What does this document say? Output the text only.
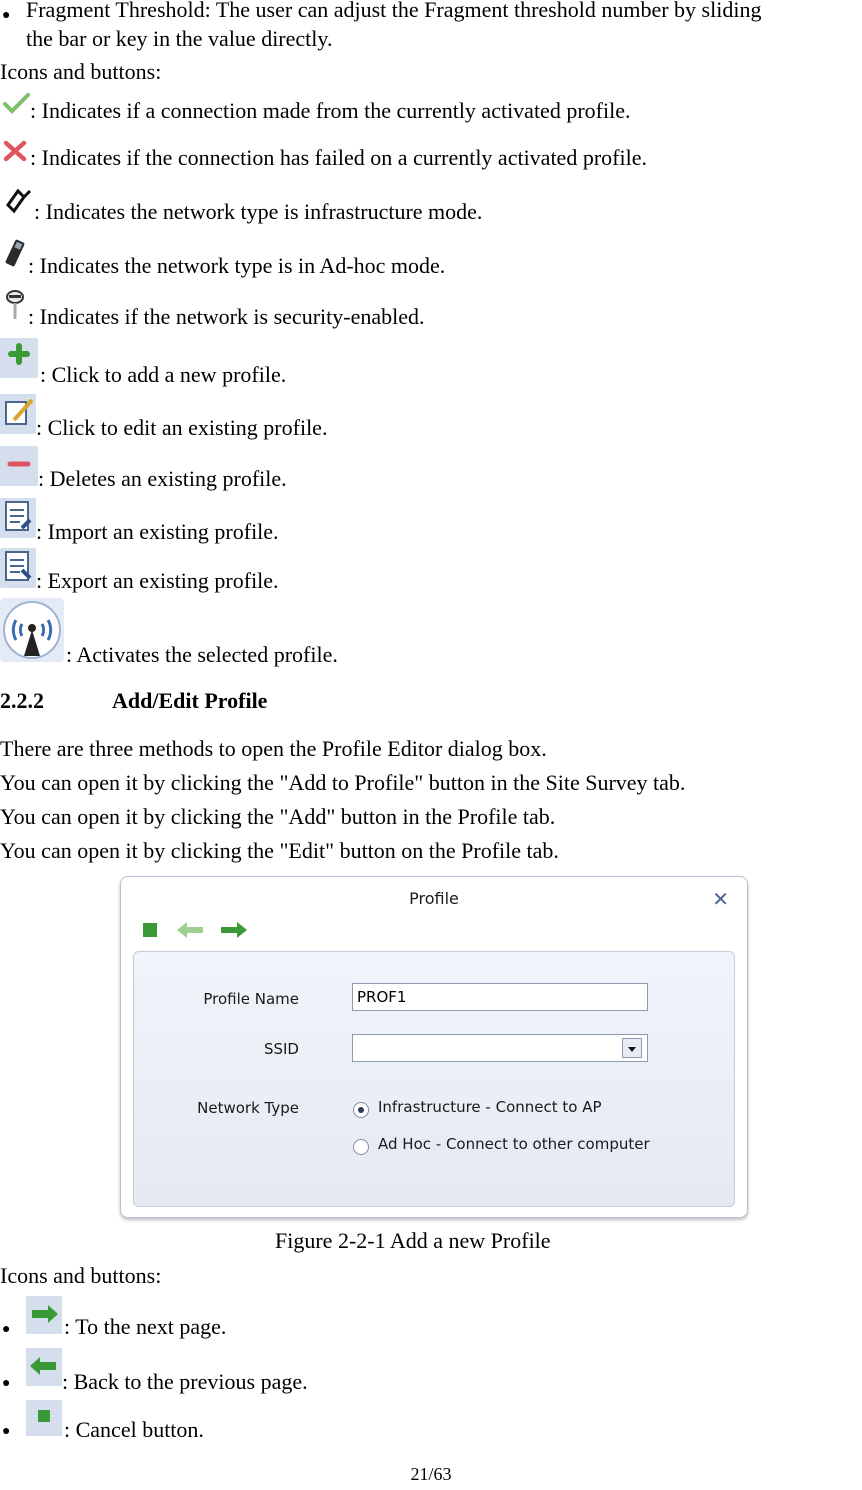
● Fragment Threshold: The user can adjust the Fragment threshold number by sliding
the bar or key in the value directly.
Icons and buttons:
: Indicates if a connection made from the currently activated profile.
: Indicates if the connection has failed on a currently activated profile.
: Indicates the network type is infrastructure mode.
: Indicates the network type is in Ad-hoc mode.
: Indicates if the network is security-enabled.
: Click to add a new profile.
: Click to edit an existing profile.
: Deletes an existing profile.
: Import an existing profile.
: Export an existing profile.
: Activates the selected profile.
2.2.2	Add/Edit Profile
There are three methods to open the Profile Editor dialog box.
You can open it by clicking the "Add to Profile" button in the Site Survey tab.
You can open it by clicking the "Add" button in the Profile tab.
You can open it by clicking the "Edit" button on the Profile tab.
Profile	✕
Profile Name	PROF1
SSID
Network Type	Infrastructure - Connect to AP
Ad Hoc - Connect to other computer
Figure 2-2-1 Add a new Profile
Icons and buttons:
● : To the next page.
● : Back to the previous page.
● : Cancel button.
21/63
